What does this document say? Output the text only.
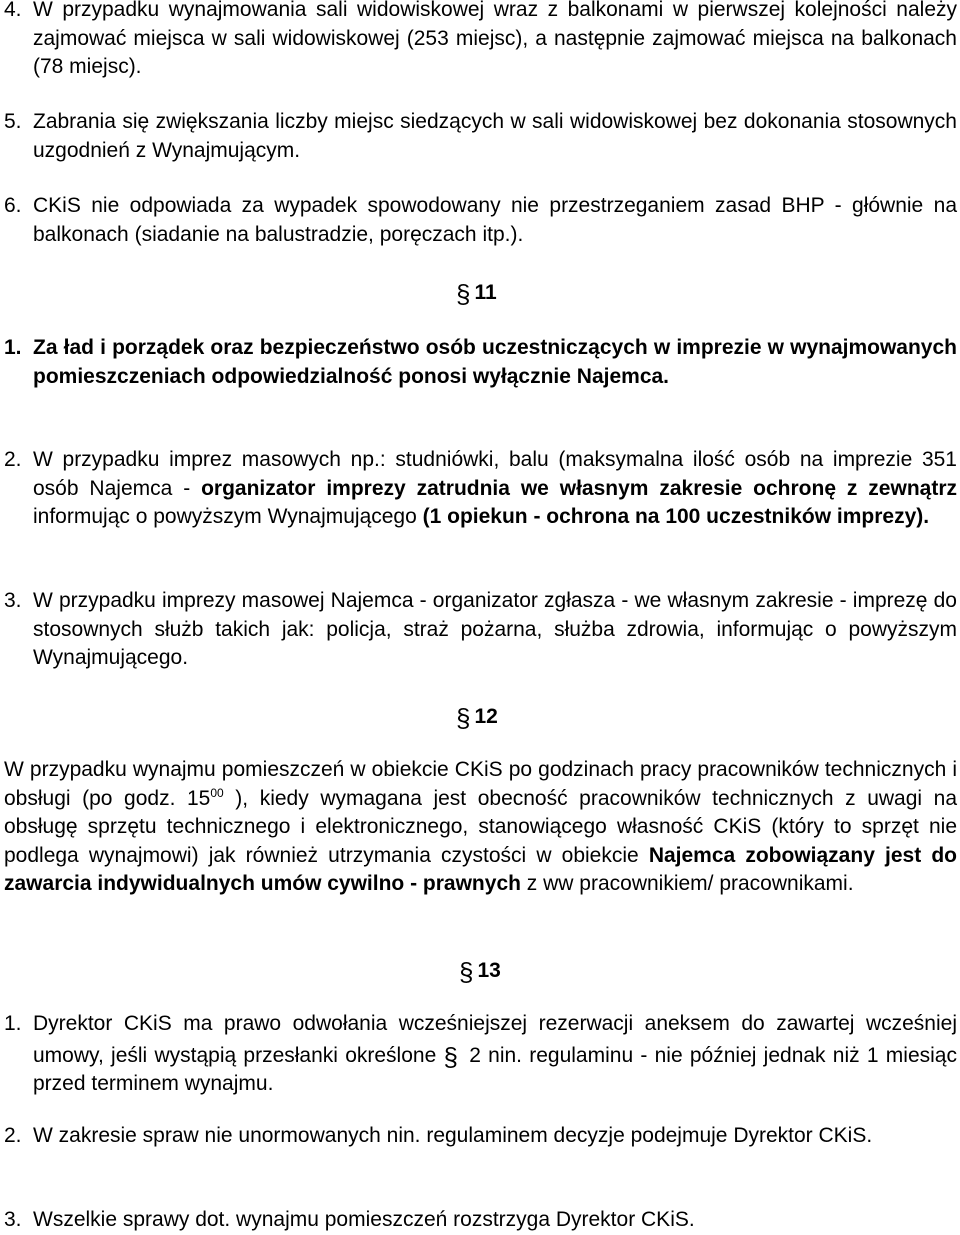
4. W przypadku wynajmowania sali widowiskowej wraz z balkonami w pierwszej kolejności należy zajmować miejsca w sali widowiskowej (253 miejsc), a następnie zajmować miejsca na balkonach (78 miejsc).

5. Zabrania się zwiększania liczby miejsc siedzących w sali widowiskowej bez dokonania stosownych uzgodnień z Wynajmującym.

6. CKiS nie odpowiada za wypadek spowodowany nie przestrzeganiem zasad BHP - głównie na balkonach (siadanie na balustradzie, poręczach itp.).

§ 11

1. Za ład i porządek oraz bezpieczeństwo osób uczestniczących w imprezie w wynajmowanych pomieszczeniach odpowiedzialność ponosi wyłącznie Najemca.

2. W przypadku imprez masowych np.: studniówki, balu (maksymalna ilość osób na imprezie 351 osób Najemca - organizator imprezy zatrudnia we własnym zakresie ochronę z zewnątrz informując o powyższym Wynajmującego (1 opiekun - ochrona na 100 uczestników imprezy).

3. W przypadku imprezy masowej Najemca - organizator zgłasza - we własnym zakresie - imprezę do stosownych służb takich jak: policja, straż pożarna, służba zdrowia, informując o powyższym Wynajmującego.

§ 12

W przypadku wynajmu pomieszczeń w obiekcie CKiS po godzinach pracy pracowników technicznych i obsługi (po godz. $15^{00}$ ), kiedy wymagana jest obecność pracowników technicznych z uwagi na obsługę sprzętu technicznego i elektronicznego, stanowiącego własność CKiS (który to sprzęt nie podlega wynajmowi) jak również utrzymania czystości w obiekcie Najemca zobowiązany jest do zawarcia indywidualnych umów cywilno - prawnych z ww pracownikiem/ pracownikami.

§ 13

1. Dyrektor CKiS ma prawo odwołania wcześniejszej rezerwacji aneksem do zawartej wcześniej umowy, jeśli wystąpią przesłanki określone § 2 nin. regulaminu - nie później jednak niż 1 miesiąc przed terminem wynajmu.

2. W zakresie spraw nie unormowanych nin. regulaminem decyzje podejmuje Dyrektor CKiS.

3. Wszelkie sprawy dot. wynajmu pomieszczeń rozstrzyga Dyrektor CKiS.
